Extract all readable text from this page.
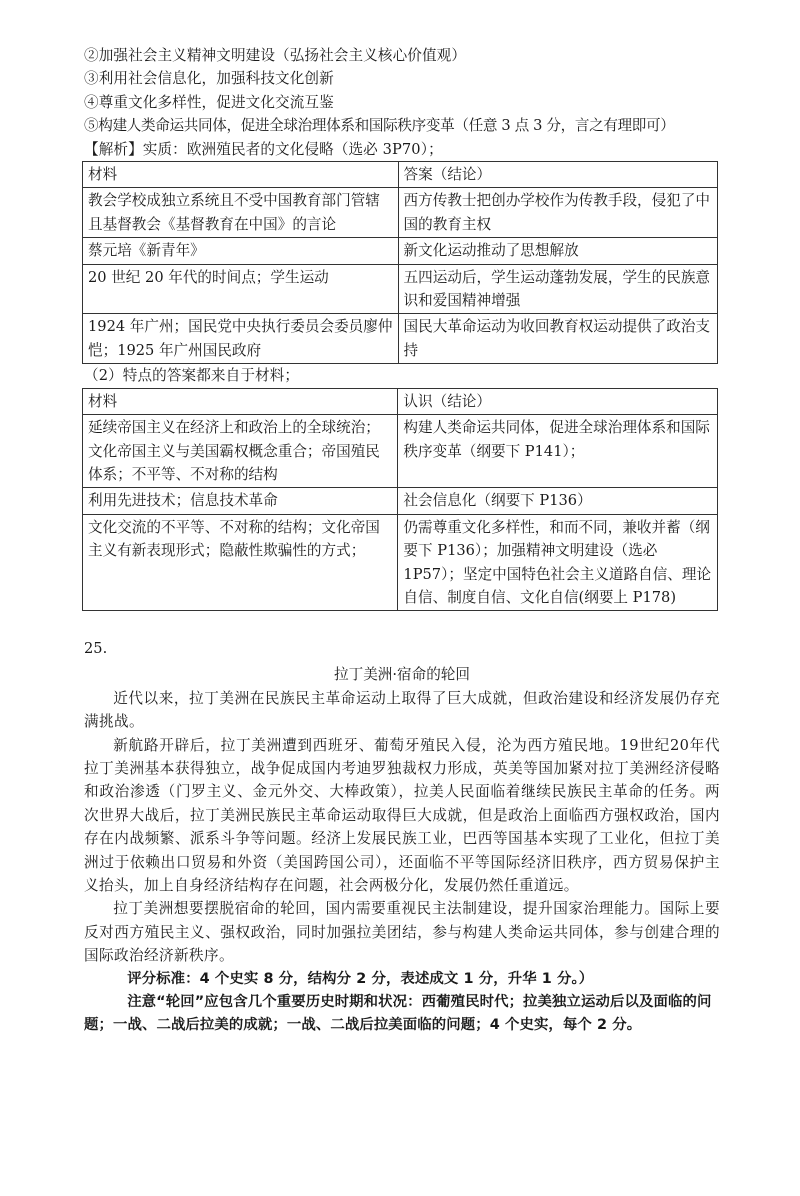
②加强社会主义精神文明建设（弘扬社会主义核心价值观）
③利用社会信息化，加强科技文化创新
④尊重文化多样性，促进文化交流互鉴
⑤构建人类命运共同体，促进全球治理体系和国际秩序变革（任意 3 点 3 分，言之有理即可）
【解析】实质：欧洲殖民者的文化侵略（选必 3P70）；
材料	答案（结论）
教会学校成独立系统且不受中国教育部门管辖且基督教会《基督教育在中国》的言论	西方传教士把创办学校作为传教手段，侵犯了中国的教育主权
蔡元培《新青年》	新文化运动推动了思想解放
20 世纪 20 年代的时间点；学生运动	五四运动后，学生运动蓬勃发展，学生的民族意识和爱国精神增强
1924 年广州；国民党中央执行委员会委员廖仲恺；1925 年广州国民政府	国民大革命运动为收回教育权运动提供了政治支持
（2）特点的答案都来自于材料；
材料	认识（结论）
延续帝国主义在经济上和政治上的全球统治；文化帝国主义与美国霸权概念重合；帝国殖民体系；不平等、不对称的结构	构建人类命运共同体，促进全球治理体系和国际秩序变革（纲要下 P141）；
利用先进技术；信息技术革命	社会信息化（纲要下 P136）
文化交流的不平等、不对称的结构；文化帝国主义有新表现形式；隐蔽性欺骗性的方式；	仍需尊重文化多样性，和而不同，兼收并蓄（纲要下 P136）；加强精神文明建设（选必1P57）；坚定中国特色社会主义道路自信、理论自信、制度自信、文化自信(纲要上 P178)
25.
拉丁美洲·宿命的轮回
近代以来，拉丁美洲在民族民主革命运动上取得了巨大成就，但政治建设和经济发展仍存充满挑战。
新航路开辟后，拉丁美洲遭到西班牙、葡萄牙殖民入侵，沦为西方殖民地。19世纪20年代拉丁美洲基本获得独立，战争促成国内考迪罗独裁权力形成，英美等国加紧对拉丁美洲经济侵略和政治渗透（门罗主义、金元外交、大棒政策），拉美人民面临着继续民族民主革命的任务。两次世界大战后，拉丁美洲民族民主革命运动取得巨大成就，但是政治上面临西方强权政治，国内存在内战频繁、派系斗争等问题。经济上发展民族工业，巴西等国基本实现了工业化，但拉丁美洲过于依赖出口贸易和外资（美国跨国公司），还面临不平等国际经济旧秩序，西方贸易保护主义抬头，加上自身经济结构存在问题，社会两极分化，发展仍然任重道远。
拉丁美洲想要摆脱宿命的轮回，国内需要重视民主法制建设，提升国家治理能力。国际上要反对西方殖民主义、强权政治，同时加强拉美团结，参与构建人类命运共同体，参与创建合理的国际政治经济新秩序。
评分标准：4 个史实 8 分，结构分 2 分，表述成文 1 分，升华 1 分。）
注意“轮回”应包含几个重要历史时期和状况：西葡殖民时代；拉美独立运动后以及面临的问题；一战、二战后拉美的成就；一战、二战后拉美面临的问题；4 个史实，每个 2 分。
